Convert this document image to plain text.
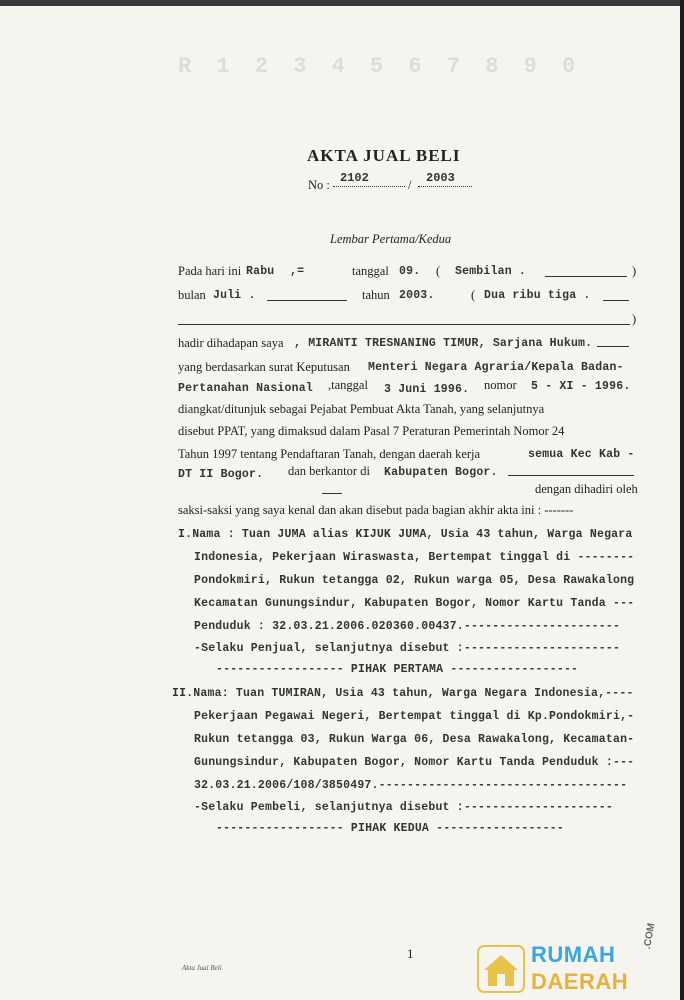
R 1 2 3 4 5 6 7 8 9 0
AKTA JUAL BELI
No : 2102	/ 2003
Lembar Pertama/Kedua
Pada hari ini Rabu ,=	tanggal 09. ( Sembilan .	)
bulan Juli .	tahun 2003.	( Dua ribu tiga .
)
hadir dihadapan saya , MIRANTI TRESNANING TIMUR, Sarjana Hukum.
yang berdasarkan surat Keputusan Menteri Negara Agraria/Kepala Badan-
Pertanahan Nasional ,tanggal 3 Juni 1996. nomor 5 - XI - 1996.
diangkat/ditunjuk sebagai Pejabat Pembuat Akta Tanah, yang selanjutnya
disebut PPAT, yang dimaksud dalam Pasal 7 Peraturan Pemerintah Nomor 24
Tahun 1997 tentang Pendaftaran Tanah, dengan daerah kerja	semua Kec Kab -
DT II Bogor. dan berkantor di Kabupaten Bogor.
dengan dihadiri oleh
saksi-saksi yang saya kenal dan akan disebut pada bagian akhir akta ini : -------
I.Nama : Tuan JUMA alias KIJUK JUMA, Usia 43 tahun, Warga Negara
Indonesia, Pekerjaan Wiraswasta, Bertempat tinggal di --------
Pondokmiri, Rukun tetangga 02, Rukun warga 05, Desa Rawakalong
Kecamatan Gunungsindur, Kabupaten Bogor, Nomor Kartu Tanda ---
Penduduk : 32.03.21.2006.020360.00437.----------------------
-Selaku Penjual, selanjutnya disebut :----------------------
------------------ PIHAK PERTAMA ------------------
II.Nama: Tuan TUMIRAN, Usia 43 tahun, Warga Negara Indonesia,----
Pekerjaan Pegawai Negeri, Bertempat tinggal di Kp.Pondokmiri,-
Rukun tetangga 03, Rukun Warga 06, Desa Rawakalong, Kecamatan-
Gunungsindur, Kabupaten Bogor, Nomor Kartu Tanda Penduduk :---
32.03.21.2006/108/3850497.-----------------------------------
-Selaku Pembeli, selanjutnya disebut :---------------------
------------------ PIHAK KEDUA ------------------
1
Akta Jual Beli
RUMAH
DAERAH
.COM
